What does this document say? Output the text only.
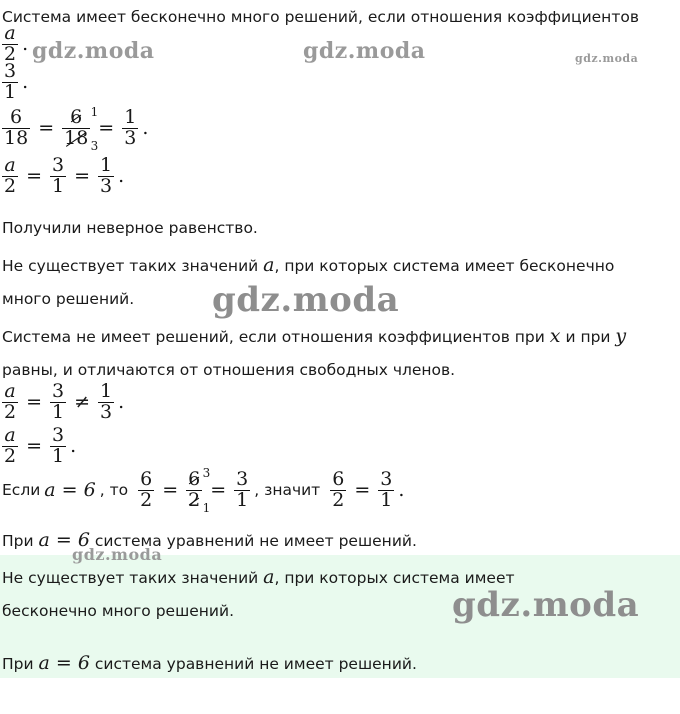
Система имеет бесконечно много решений, если отношения коэффициентов
$\frac{a}{2}$ .
$\frac{3}{1}$ .
$\frac{6}{18}$ =
6
18
1
3
= $\frac{1}{3}$ .
$\frac{a}{2} = \frac{3}{1} = \frac{1}{3}$ .
Получили неверное равенство.
Не существует таких значений a, при которых система имеет бесконечно
много решений.
Система не имеет решений, если отношения коэффициентов при x и при y
равны, и отличаются от отношения свободных членов.
$\frac{a}{2} = \frac{3}{1} \ne \frac{1}{3}$ .
$\frac{a}{2} = \frac{3}{1}$ .
Если a = 6 , то $\frac{6}{2}$ =
6
2
3
1
= $\frac{3}{1}$ , значит $\frac{6}{2} = \frac{3}{1}$ .
При a = 6 система уравнений не имеет решений.
Не существует таких значений a, при которых система имеет
бесконечно много решений.
При a = 6 система уравнений не имеет решений.
gdz.moda	gdz.moda	gdz.moda
gdz.moda
gdz.moda
gdz.moda
